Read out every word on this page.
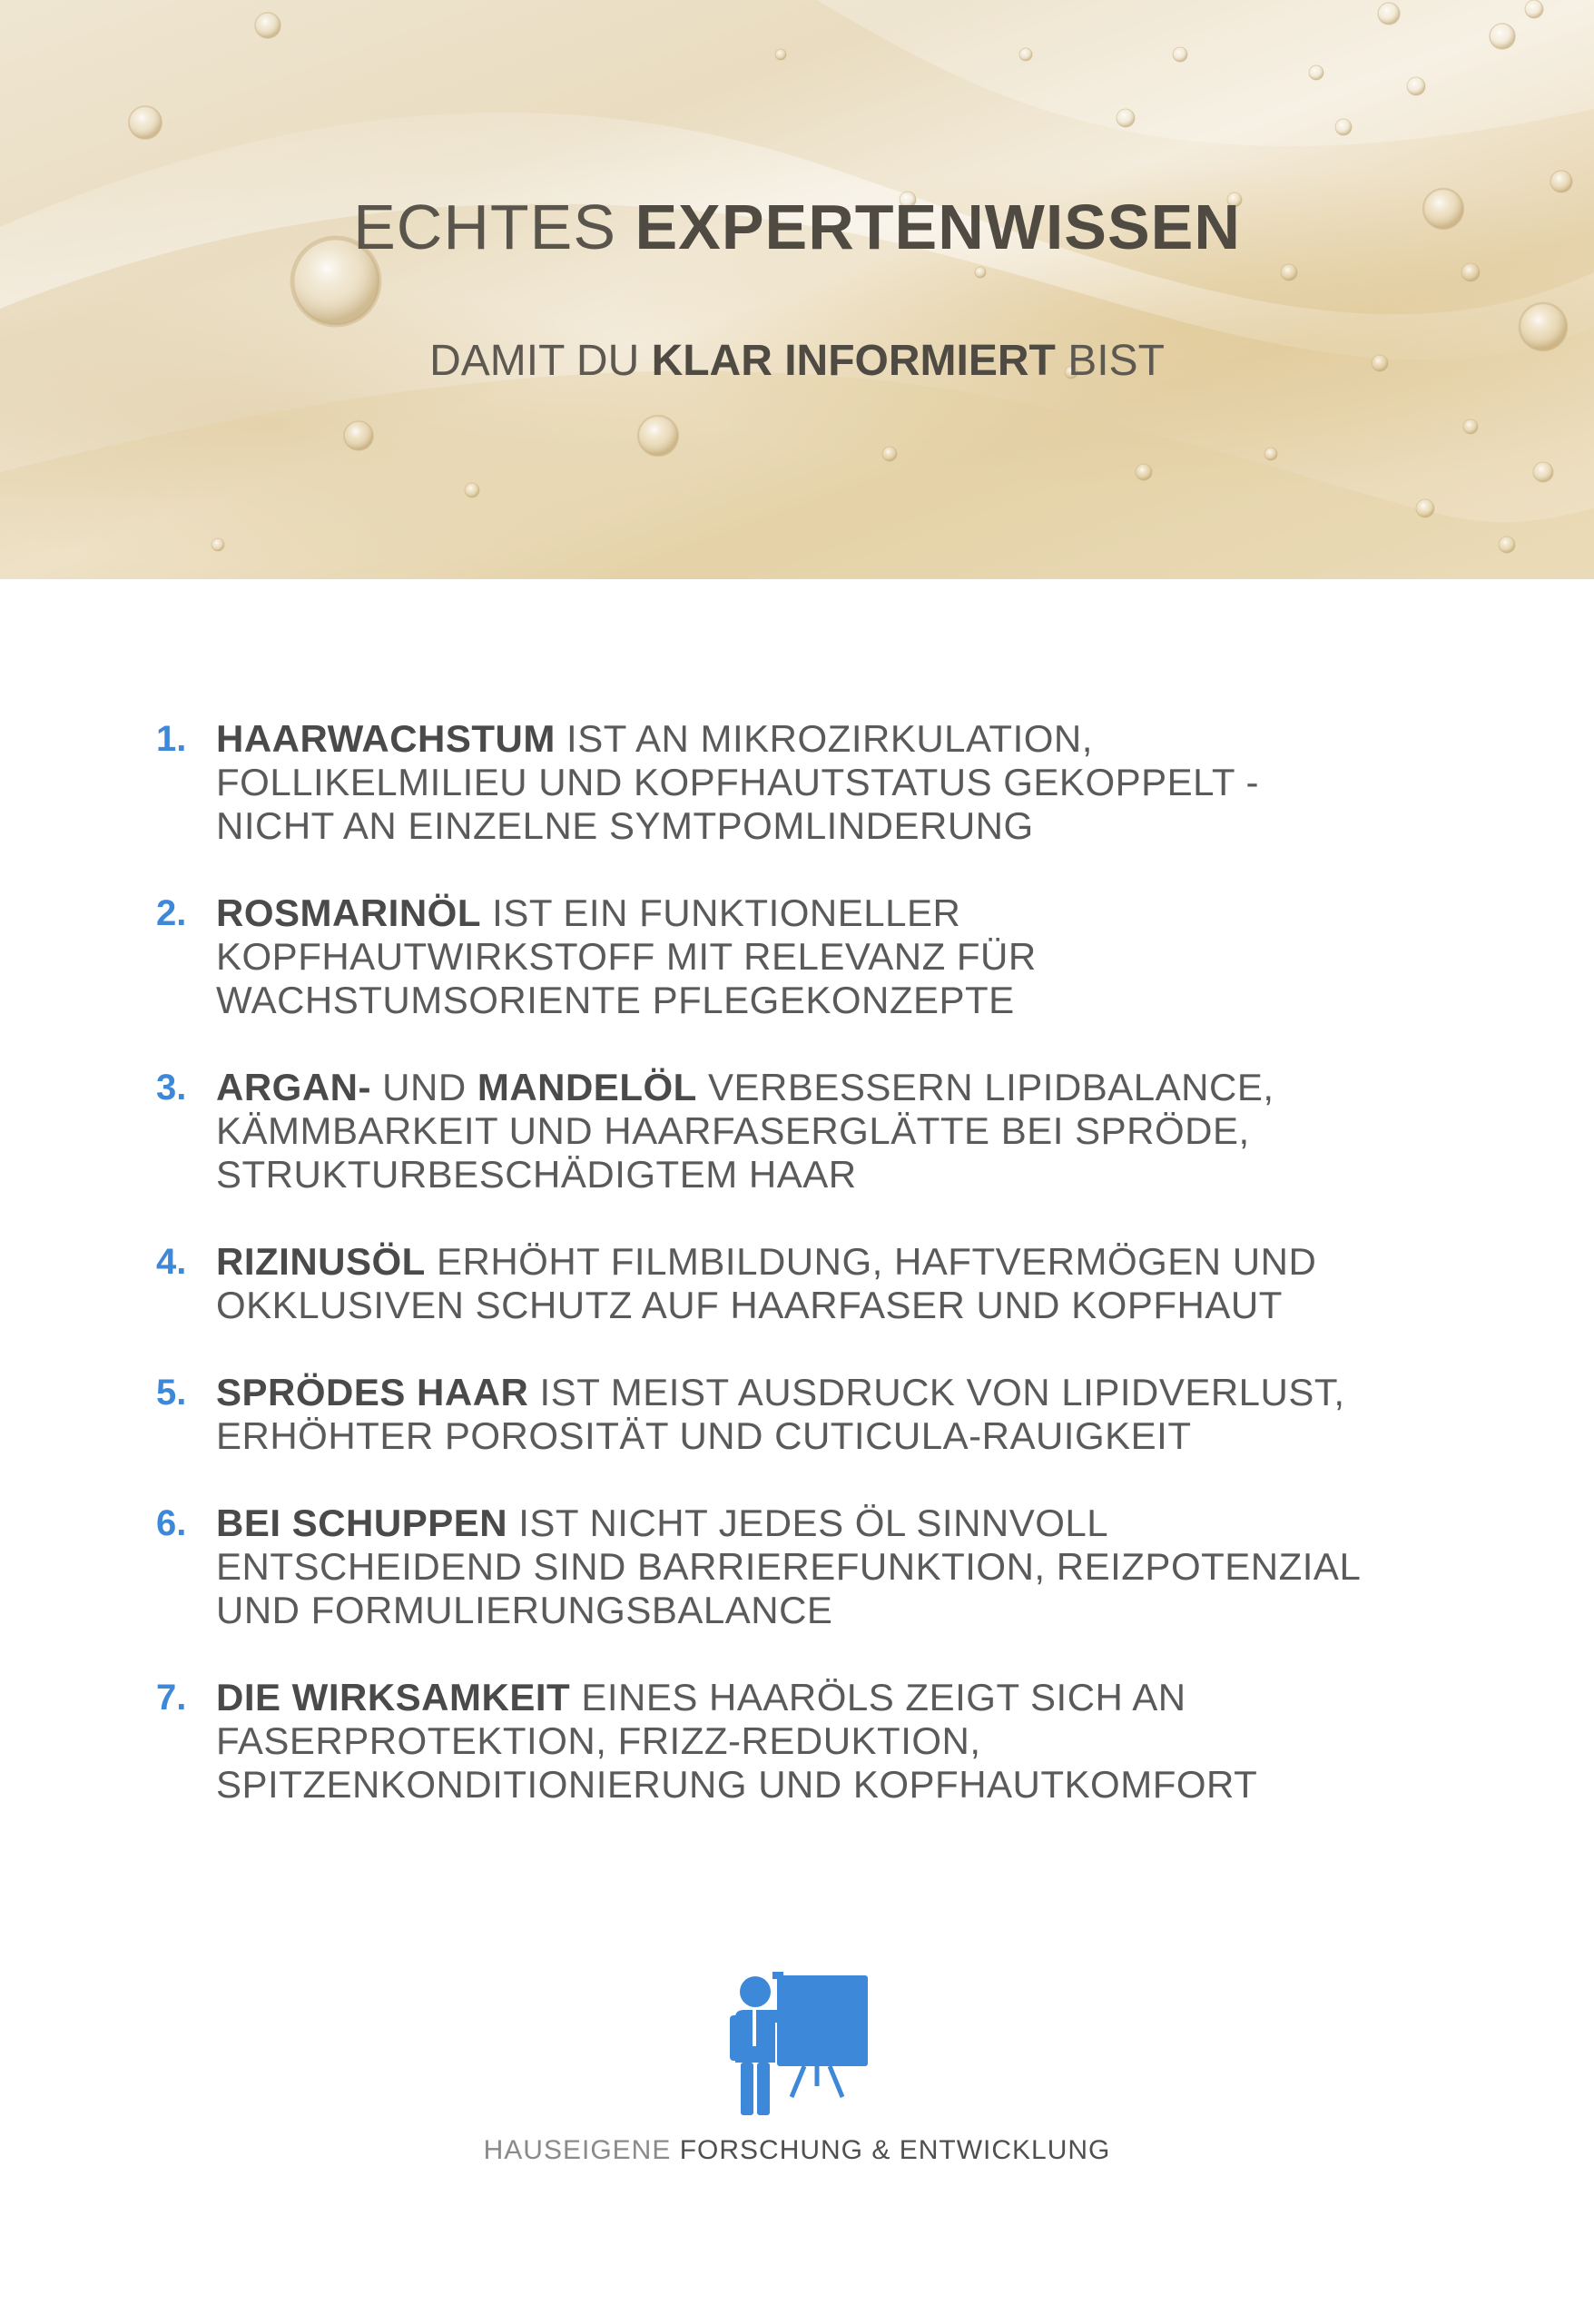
ECHTES EXPERTENWISSEN
DAMIT DU KLAR INFORMIERT BIST
1. HAARWACHSTUM IST AN MIKROZIRKULATION,
FOLLIKELMILIEU UND KOPFHAUTSTATUS GEKOPPELT -
NICHT AN EINZELNE SYMTPOMLINDERUNG
2. ROSMARINÖL IST EIN FUNKTIONELLER
KOPFHAUTWIRKSTOFF MIT RELEVANZ FÜR
WACHSTUMSORIENTE PFLEGEKONZEPTE
3. ARGAN- UND MANDELÖL VERBESSERN LIPIDBALANCE,
KÄMMBARKEIT UND HAARFASERGLÄTTE BEI SPRÖDE,
STRUKTURBESCHÄDIGTEM HAAR
4. RIZINUSÖL ERHÖHT FILMBILDUNG, HAFTVERMÖGEN UND
OKKLUSIVEN SCHUTZ AUF HAARFASER UND KOPFHAUT
5. SPRÖDES HAAR IST MEIST AUSDRUCK VON LIPIDVERLUST,
ERHÖHTER POROSITÄT UND CUTICULA-RAUIGKEIT
6. BEI SCHUPPEN IST NICHT JEDES ÖL SINNVOLL
ENTSCHEIDEND SIND BARRIEREFUNKTION, REIZPOTENZIAL
UND FORMULIERUNGSBALANCE
7. DIE WIRKSAMKEIT EINES HAARÖLS ZEIGT SICH AN
FASERPROTEKTION, FRIZZ-REDUKTION,
SPITZENKONDITIONIERUNG UND KOPFHAUTKOMFORT
HAUSEIGENE FORSCHUNG & ENTWICKLUNG
